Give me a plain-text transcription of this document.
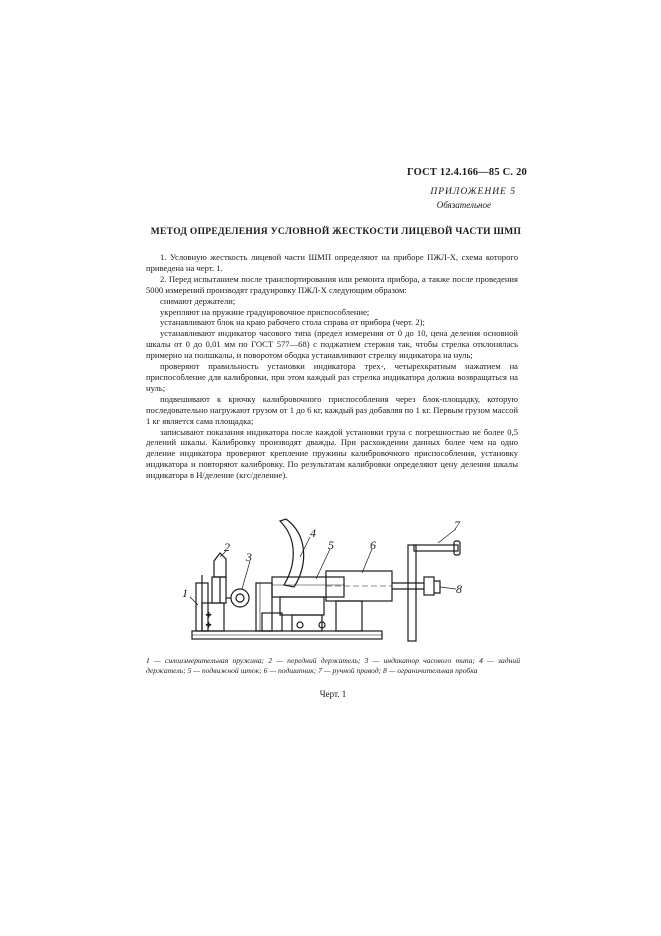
ГОСТ 12.4.166—85 С. 20
ПРИЛОЖЕНИЕ 5
Обязательное
МЕТОД ОПРЕДЕЛЕНИЯ УСЛОВНОЙ ЖЕСТКОСТИ ЛИЦЕВОЙ ЧАСТИ ШМП

1. Условную жесткость лицевой части ШМП определяют на приборе ПЖЛ-Х, схема которого приведена на черт. 1.

2. Перед испытанием после транспортирования или ремонта прибора, а также после проведения 5000 измерений производят градуировку ПЖЛ-Х следующим образом:

снимают держатели;

укрепляют на пружине градуировочное приспособление;

устанавливают блок на краю рабочего стола справа от прибора (черт. 2);

устанавливают индикатор часового типа (предел измерения от 0 до 10, цена деления основной шкалы от 0 до 0,01 мм по ГОСТ 577—68) с поджатием стержня так, чтобы стрелка отклонялась примерно на полшкалы, и поворотом ободка устанавливают стрелку индикатора на нуль;

проверяют правильность установки индикатора трех-, четырехкратным нажатием на приспособление для калибровки, при этом каждый раз стрелка индикатора должна возвращаться на нуль;

подвешивают к крючку калибровочного приспособления через блок-площадку, которую последовательно нагружают грузом от 1 до 6 кг, каждый раз добавляя по 1 кг. Первым грузом массой 1 кг является сама площадка;

записывают показания индикатора после каждой установки груза с погрешностью не более 0,5 делений шкалы. Калибровку производят дважды. При расхождении данных более чем на одно деление индикатора проверяют крепление пружины калибровочного приспособления, установку индикатора и повторяют калибровку. По результатам калибровки определяют цену деления шкалы индикатора в Н/деление (кгс/деление).

+
+
1
2
3
4
5	6
7
8
1 — силоизмерительная пружина; 2 — передний держатель; 3 — индикатор часового типа; 4 — задний держатель; 5 — подвижной шток; 6 — подшипник; 7 — ручной привод; 8 — ограничительная пробка
Черт. 1
